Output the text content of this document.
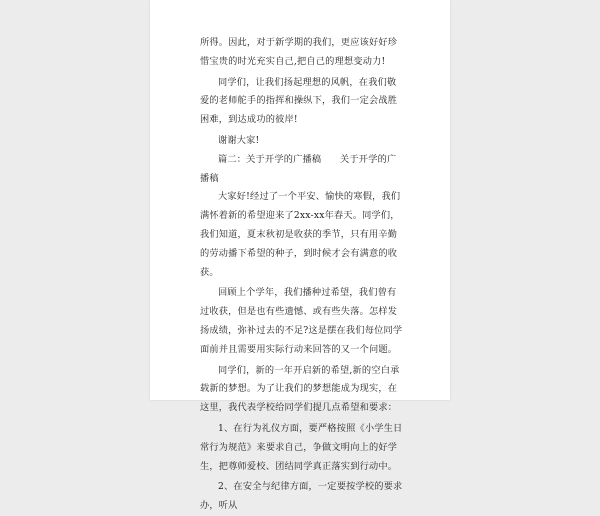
所得。因此，对于新学期的我们，更应该好好珍惜宝贵的时光充实自己,把自己的理想变动力!

同学们，让我们扬起理想的风帆，在我们敬爱的老师舵手的指挥和操纵下，我们一定会战胜困难，到达成功的彼岸!

谢谢大家!

篇二：关于开学的广播稿　　关于开学的广播稿

大家好!经过了一个平安、愉快的寒假，我们满怀着新的希望迎来了2xx-xx年春天。同学们，我们知道，夏末秋初是收获的季节，只有用辛勤的劳动播下希望的种子，到时候才会有满意的收获。

回顾上个学年，我们播种过希望，我们曾有过收获，但是也有些遗憾、或有些失落。怎样发扬成绩，弥补过去的不足?这是摆在我们每位同学面前并且需要用实际行动来回答的又一个问题。

同学们，新的一年开启新的希望,新的空白承载新的梦想。为了让我们的梦想能成为现实，在这里，我代表学校给同学们提几点希望和要求：

1、在行为礼仪方面，要严格按照《小学生日常行为规范》来要求自己，争做文明向上的好学生，把尊师爱校、团结同学真正落实到行动中。

2、在安全与纪律方面，一定要按学校的要求办，听从
